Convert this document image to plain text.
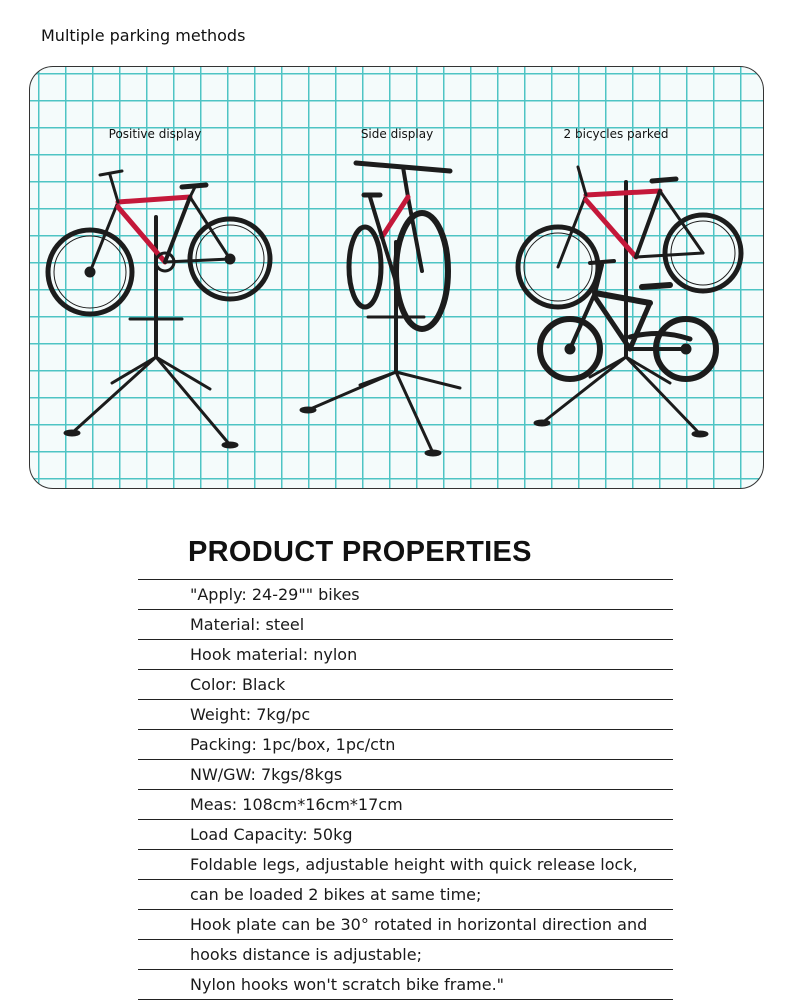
Multiple parking methods
Positive display	Side display	2 bicycles parked
PRODUCT PROPERTIES
"Apply: 24-29"" bikes
Material: steel
Hook material: nylon
Color: Black
Weight: 7kg/pc
Packing: 1pc/box, 1pc/ctn
NW/GW: 7kgs/8kgs
Meas: 108cm*16cm*17cm
Load Capacity: 50kg
Foldable legs, adjustable height with quick release lock,
can be loaded 2 bikes at same time;
Hook plate can be 30° rotated in horizontal direction and
hooks distance is adjustable;
Nylon hooks won't scratch bike frame."
